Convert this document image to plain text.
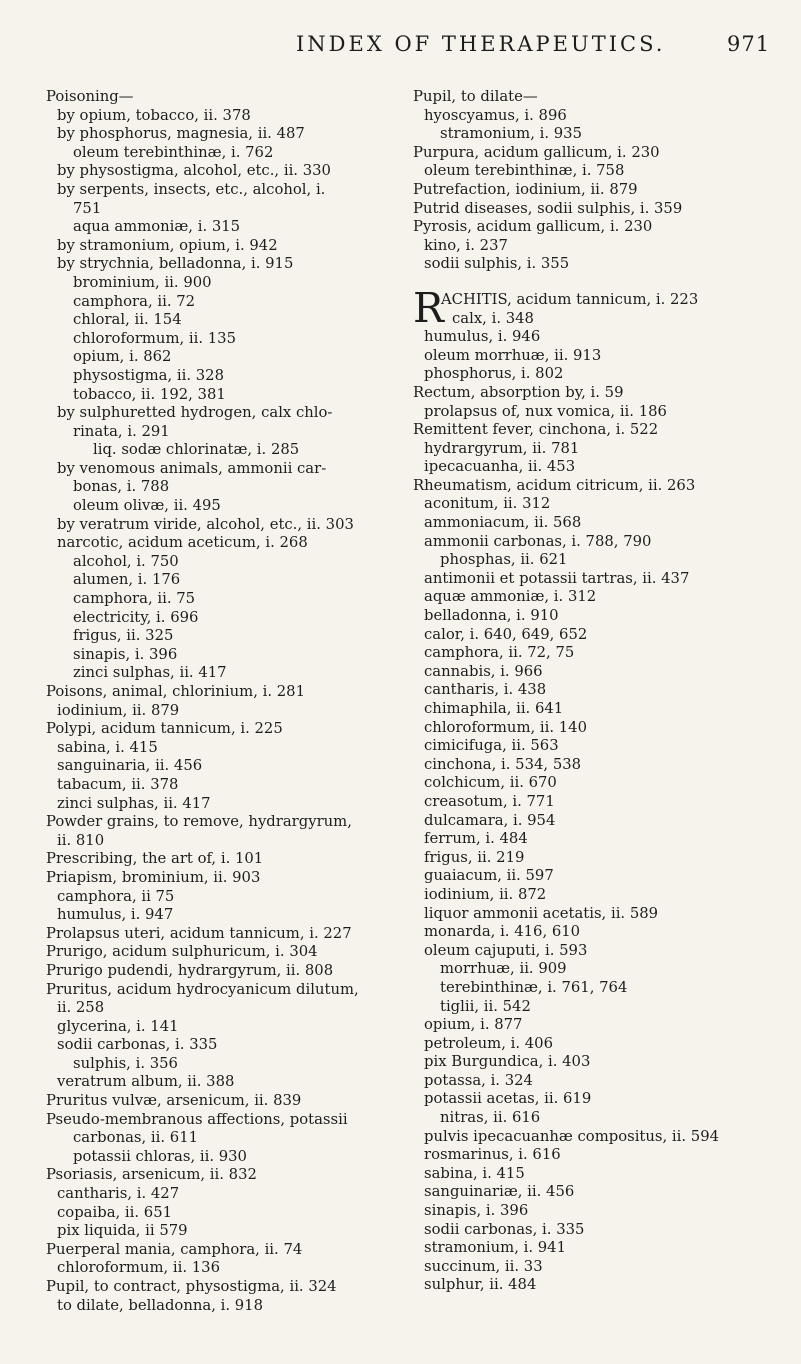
INDEX OF THERAPEUTICS.	971
Poisoning—
by opium, tobacco, ii. 378
by phosphorus, magnesia, ii. 487
oleum terebinthinæ, i. 762
by physostigma, alcohol, etc., ii. 330
by serpents, insects, etc., alcohol, i.
751
aqua ammoniæ, i. 315
by stramonium, opium, i. 942
by strychnia, belladonna, i. 915
brominium, ii. 900
camphora, ii. 72
chloral, ii. 154
chloroformum, ii. 135
opium, i. 862
physostigma, ii. 328
tobacco, ii. 192, 381
by sulphuretted hydrogen, calx chlo-
rinata, i. 291
liq. sodæ chlorinatæ, i. 285
by venomous animals, ammonii car-
bonas, i. 788
oleum olivæ, ii. 495
by veratrum viride, alcohol, etc., ii. 303
narcotic, acidum aceticum, i. 268
alcohol, i. 750
alumen, i. 176
camphora, ii. 75
electricity, i. 696
frigus, ii. 325
sinapis, i. 396
zinci sulphas, ii. 417
Poisons, animal, chlorinium, i. 281
iodinium, ii. 879
Polypi, acidum tannicum, i. 225
sabina, i. 415
sanguinaria, ii. 456
tabacum, ii. 378
zinci sulphas, ii. 417
Powder grains, to remove, hydrargyrum,
ii. 810
Prescribing, the art of, i. 101
Priapism, brominium, ii. 903
camphora, ii 75
humulus, i. 947
Prolapsus uteri, acidum tannicum, i. 227
Prurigo, acidum sulphuricum, i. 304
Prurigo pudendi, hydrargyrum, ii. 808
Pruritus, acidum hydrocyanicum dilutum,
ii. 258
glycerina, i. 141
sodii carbonas, i. 335
sulphis, i. 356
veratrum album, ii. 388
Pruritus vulvæ, arsenicum, ii. 839
Pseudo-membranous affections, potassii
carbonas, ii. 611
potassii chloras, ii. 930
Psoriasis, arsenicum, ii. 832
cantharis, i. 427
copaiba, ii. 651
pix liquida, ii 579
Puerperal mania, camphora, ii. 74
chloroformum, ii. 136
Pupil, to contract, physostigma, ii. 324
to dilate, belladonna, i. 918
Pupil, to dilate—
hyoscyamus, i. 896
stramonium, i. 935
Purpura, acidum gallicum, i. 230
oleum terebinthinæ, i. 758
Putrefaction, iodinium, ii. 879
Putrid diseases, sodii sulphis, i. 359
Pyrosis, acidum gallicum, i. 230
kino, i. 237
sodii sulphis, i. 355
R
ACHITIS, acidum tannicum, i. 223
calx, i. 348
humulus, i. 946
oleum morrhuæ, ii. 913
phosphorus, i. 802
Rectum, absorption by, i. 59
prolapsus of, nux vomica, ii. 186
Remittent fever, cinchona, i. 522
hydrargyrum, ii. 781
ipecacuanha, ii. 453
Rheumatism, acidum citricum, ii. 263
aconitum, ii. 312
ammoniacum, ii. 568
ammonii carbonas, i. 788, 790
phosphas, ii. 621
antimonii et potassii tartras, ii. 437
aquæ ammoniæ, i. 312
belladonna, i. 910
calor, i. 640, 649, 652
camphora, ii. 72, 75
cannabis, i. 966
cantharis, i. 438
chimaphila, ii. 641
chloroformum, ii. 140
cimicifuga, ii. 563
cinchona, i. 534, 538
colchicum, ii. 670
creasotum, i. 771
dulcamara, i. 954
ferrum, i. 484
frigus, ii. 219
guaiacum, ii. 597
iodinium, ii. 872
liquor ammonii acetatis, ii. 589
monarda, i. 416, 610
oleum cajuputi, i. 593
morrhuæ, ii. 909
terebinthinæ, i. 761, 764
tiglii, ii. 542
opium, i. 877
petroleum, i. 406
pix Burgundica, i. 403
potassa, i. 324
potassii acetas, ii. 619
nitras, ii. 616
pulvis ipecacuanhæ compositus, ii. 594
rosmarinus, i. 616
sabina, i. 415
sanguinariæ, ii. 456
sinapis, i. 396
sodii carbonas, i. 335
stramonium, i. 941
succinum, ii. 33
sulphur, ii. 484
